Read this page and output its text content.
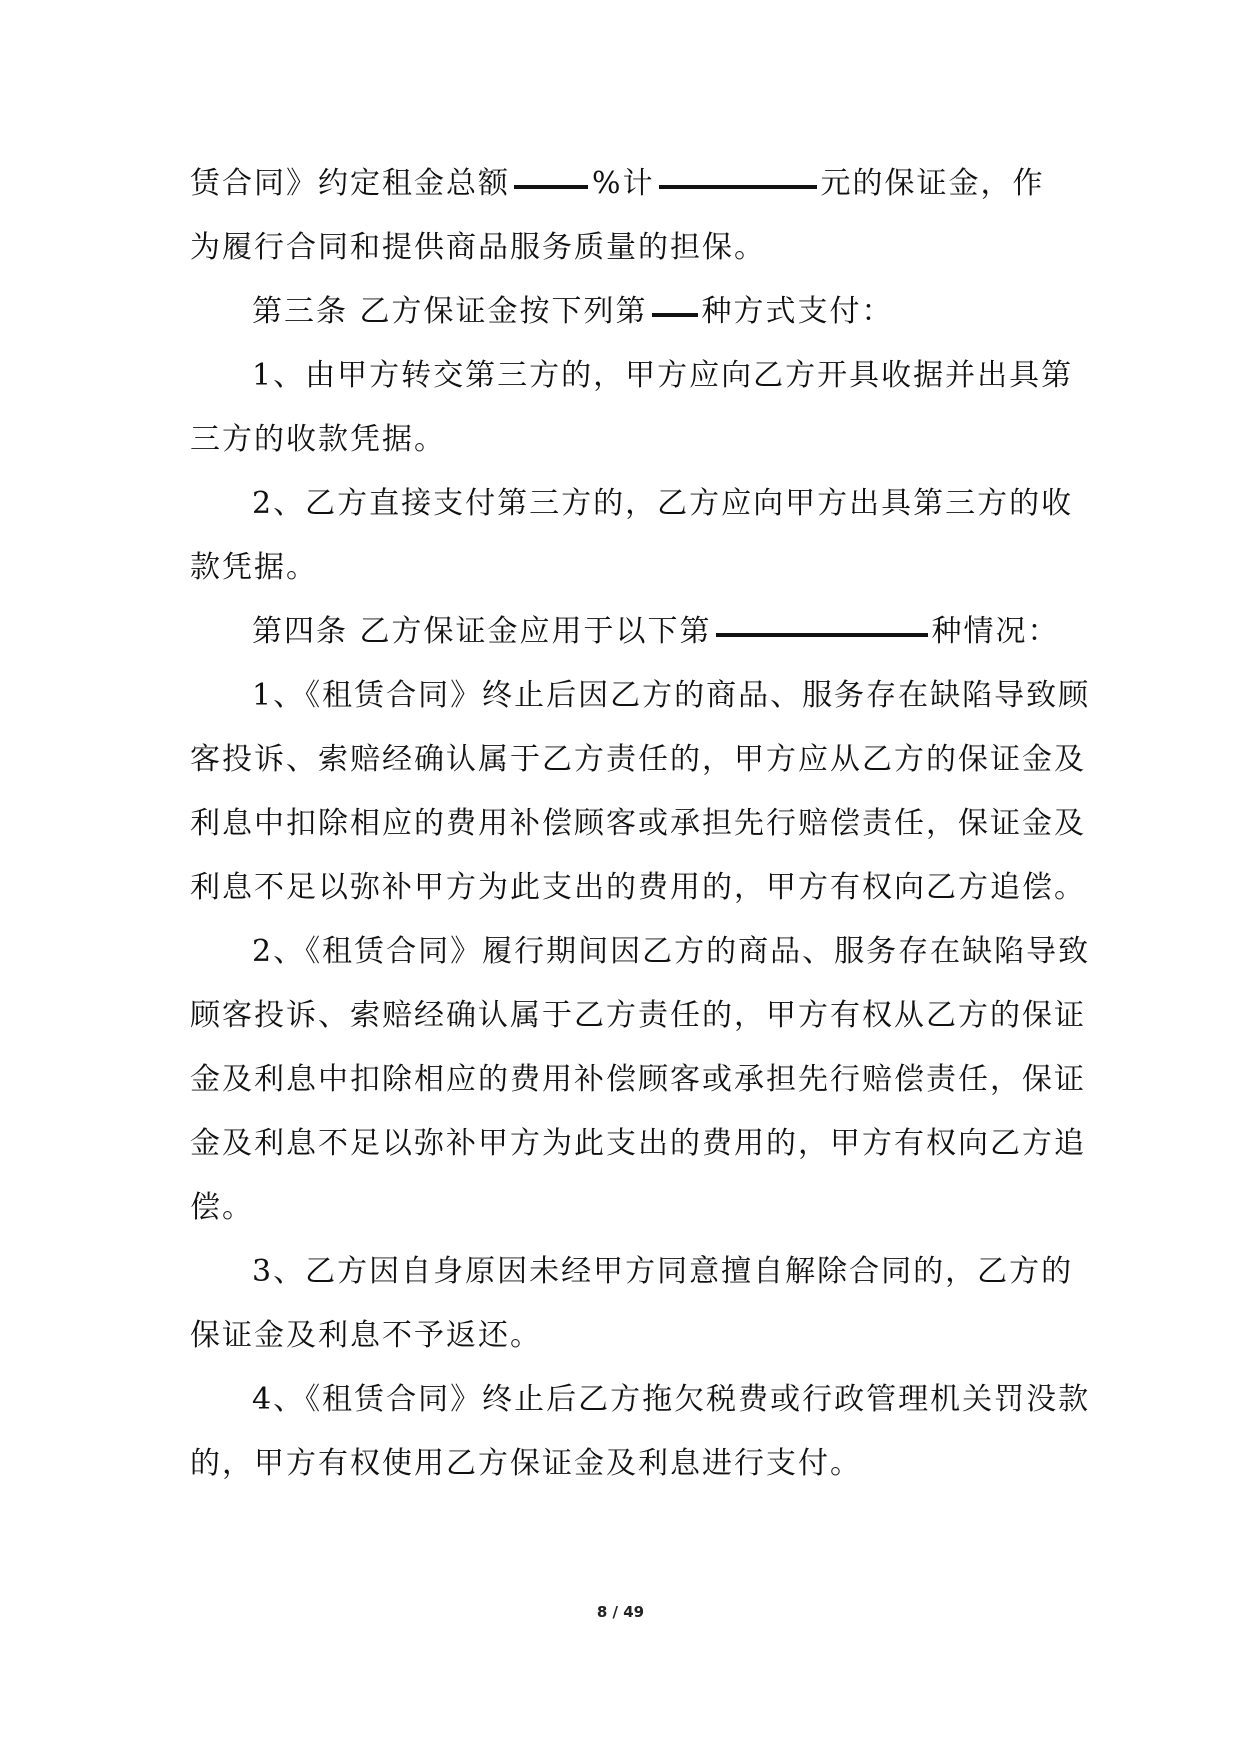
赁合同》约定租金总额	%计	元的保证金，作
为履行合同和提供商品服务质量的担保。
第三条 乙方保证金按下列第 种方式支付：
1、由甲方转交第三方的，甲方应向乙方开具收据并出具第
三方的收款凭据。
2、乙方直接支付第三方的，乙方应向甲方出具第三方的收
款凭据。
第四条 乙方保证金应用于以下第	种情况：
1、《租赁合同》终止后因乙方的商品、服务存在缺陷导致顾
客投诉、索赔经确认属于乙方责任的，甲方应从乙方的保证金及
利息中扣除相应的费用补偿顾客或承担先行赔偿责任，保证金及
利息不足以弥补甲方为此支出的费用的，甲方有权向乙方追偿。
2、《租赁合同》履行期间因乙方的商品、服务存在缺陷导致
顾客投诉、索赔经确认属于乙方责任的，甲方有权从乙方的保证
金及利息中扣除相应的费用补偿顾客或承担先行赔偿责任，保证
金及利息不足以弥补甲方为此支出的费用的，甲方有权向乙方追
偿。
3、乙方因自身原因未经甲方同意擅自解除合同的，乙方的
保证金及利息不予返还。
4、《租赁合同》终止后乙方拖欠税费或行政管理机关罚没款
的，甲方有权使用乙方保证金及利息进行支付。
8 / 49
